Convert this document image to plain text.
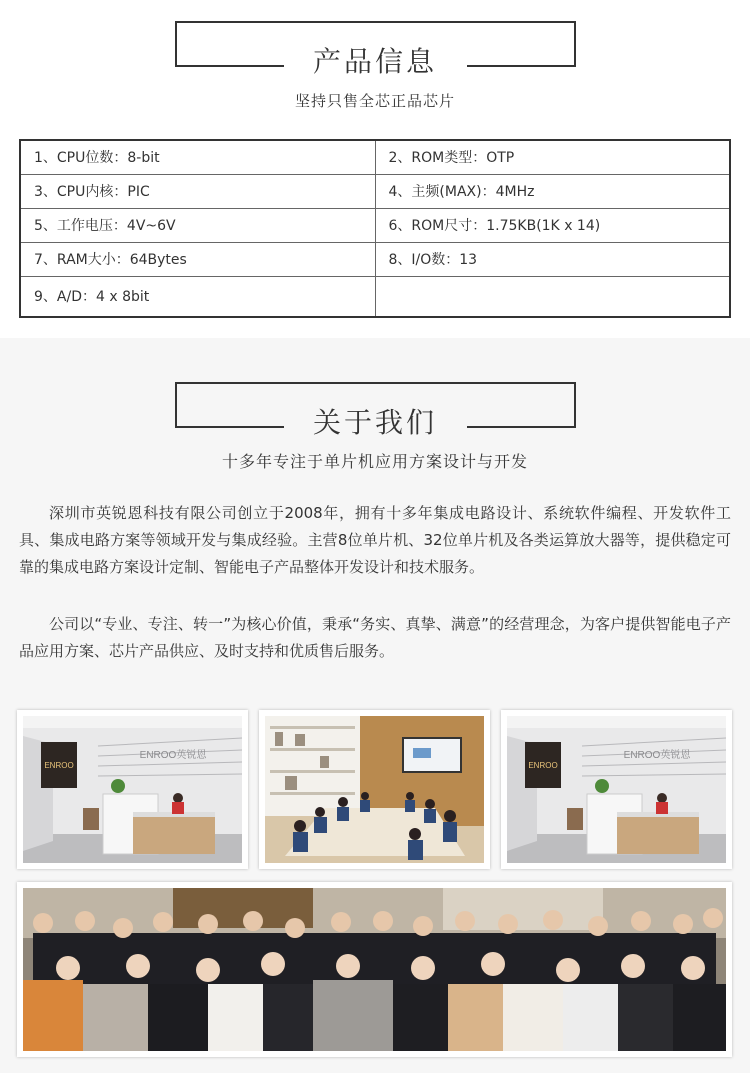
产品信息
坚持只售全芯正品芯片
1、CPU位数：8-bit	2、ROM类型：OTP
3、CPU内核：PIC	4、主频(MAX)：4MHz
5、工作电压：4V~6V	6、ROM尺寸：1.75KB(1K x 14)
7、RAM大小：64Bytes	8、I/O数：13
9、A/D：4 x 8bit	
关于我们
十多年专注于单片机应用方案设计与开发

深圳市英锐恩科技有限公司创立于2008年，拥有十多年集成电路设计、系统软件编程、开发软件工具、集成电路方案等领域开发与集成经验。主营8位单片机、32位单片机及各类运算放大器等，提供稳定可靠的集成电路方案设计定制、智能电子产品整体开发设计和技术服务。

公司以“专业、专注、转一”为核心价值，秉承“务实、真挚、满意”的经营理念，为客户提供智能电子产品应用方案、芯片产品供应、及时支持和优质售后服务。

ENROO
ENROO英锐恩
ENROO
ENROO英锐恩
